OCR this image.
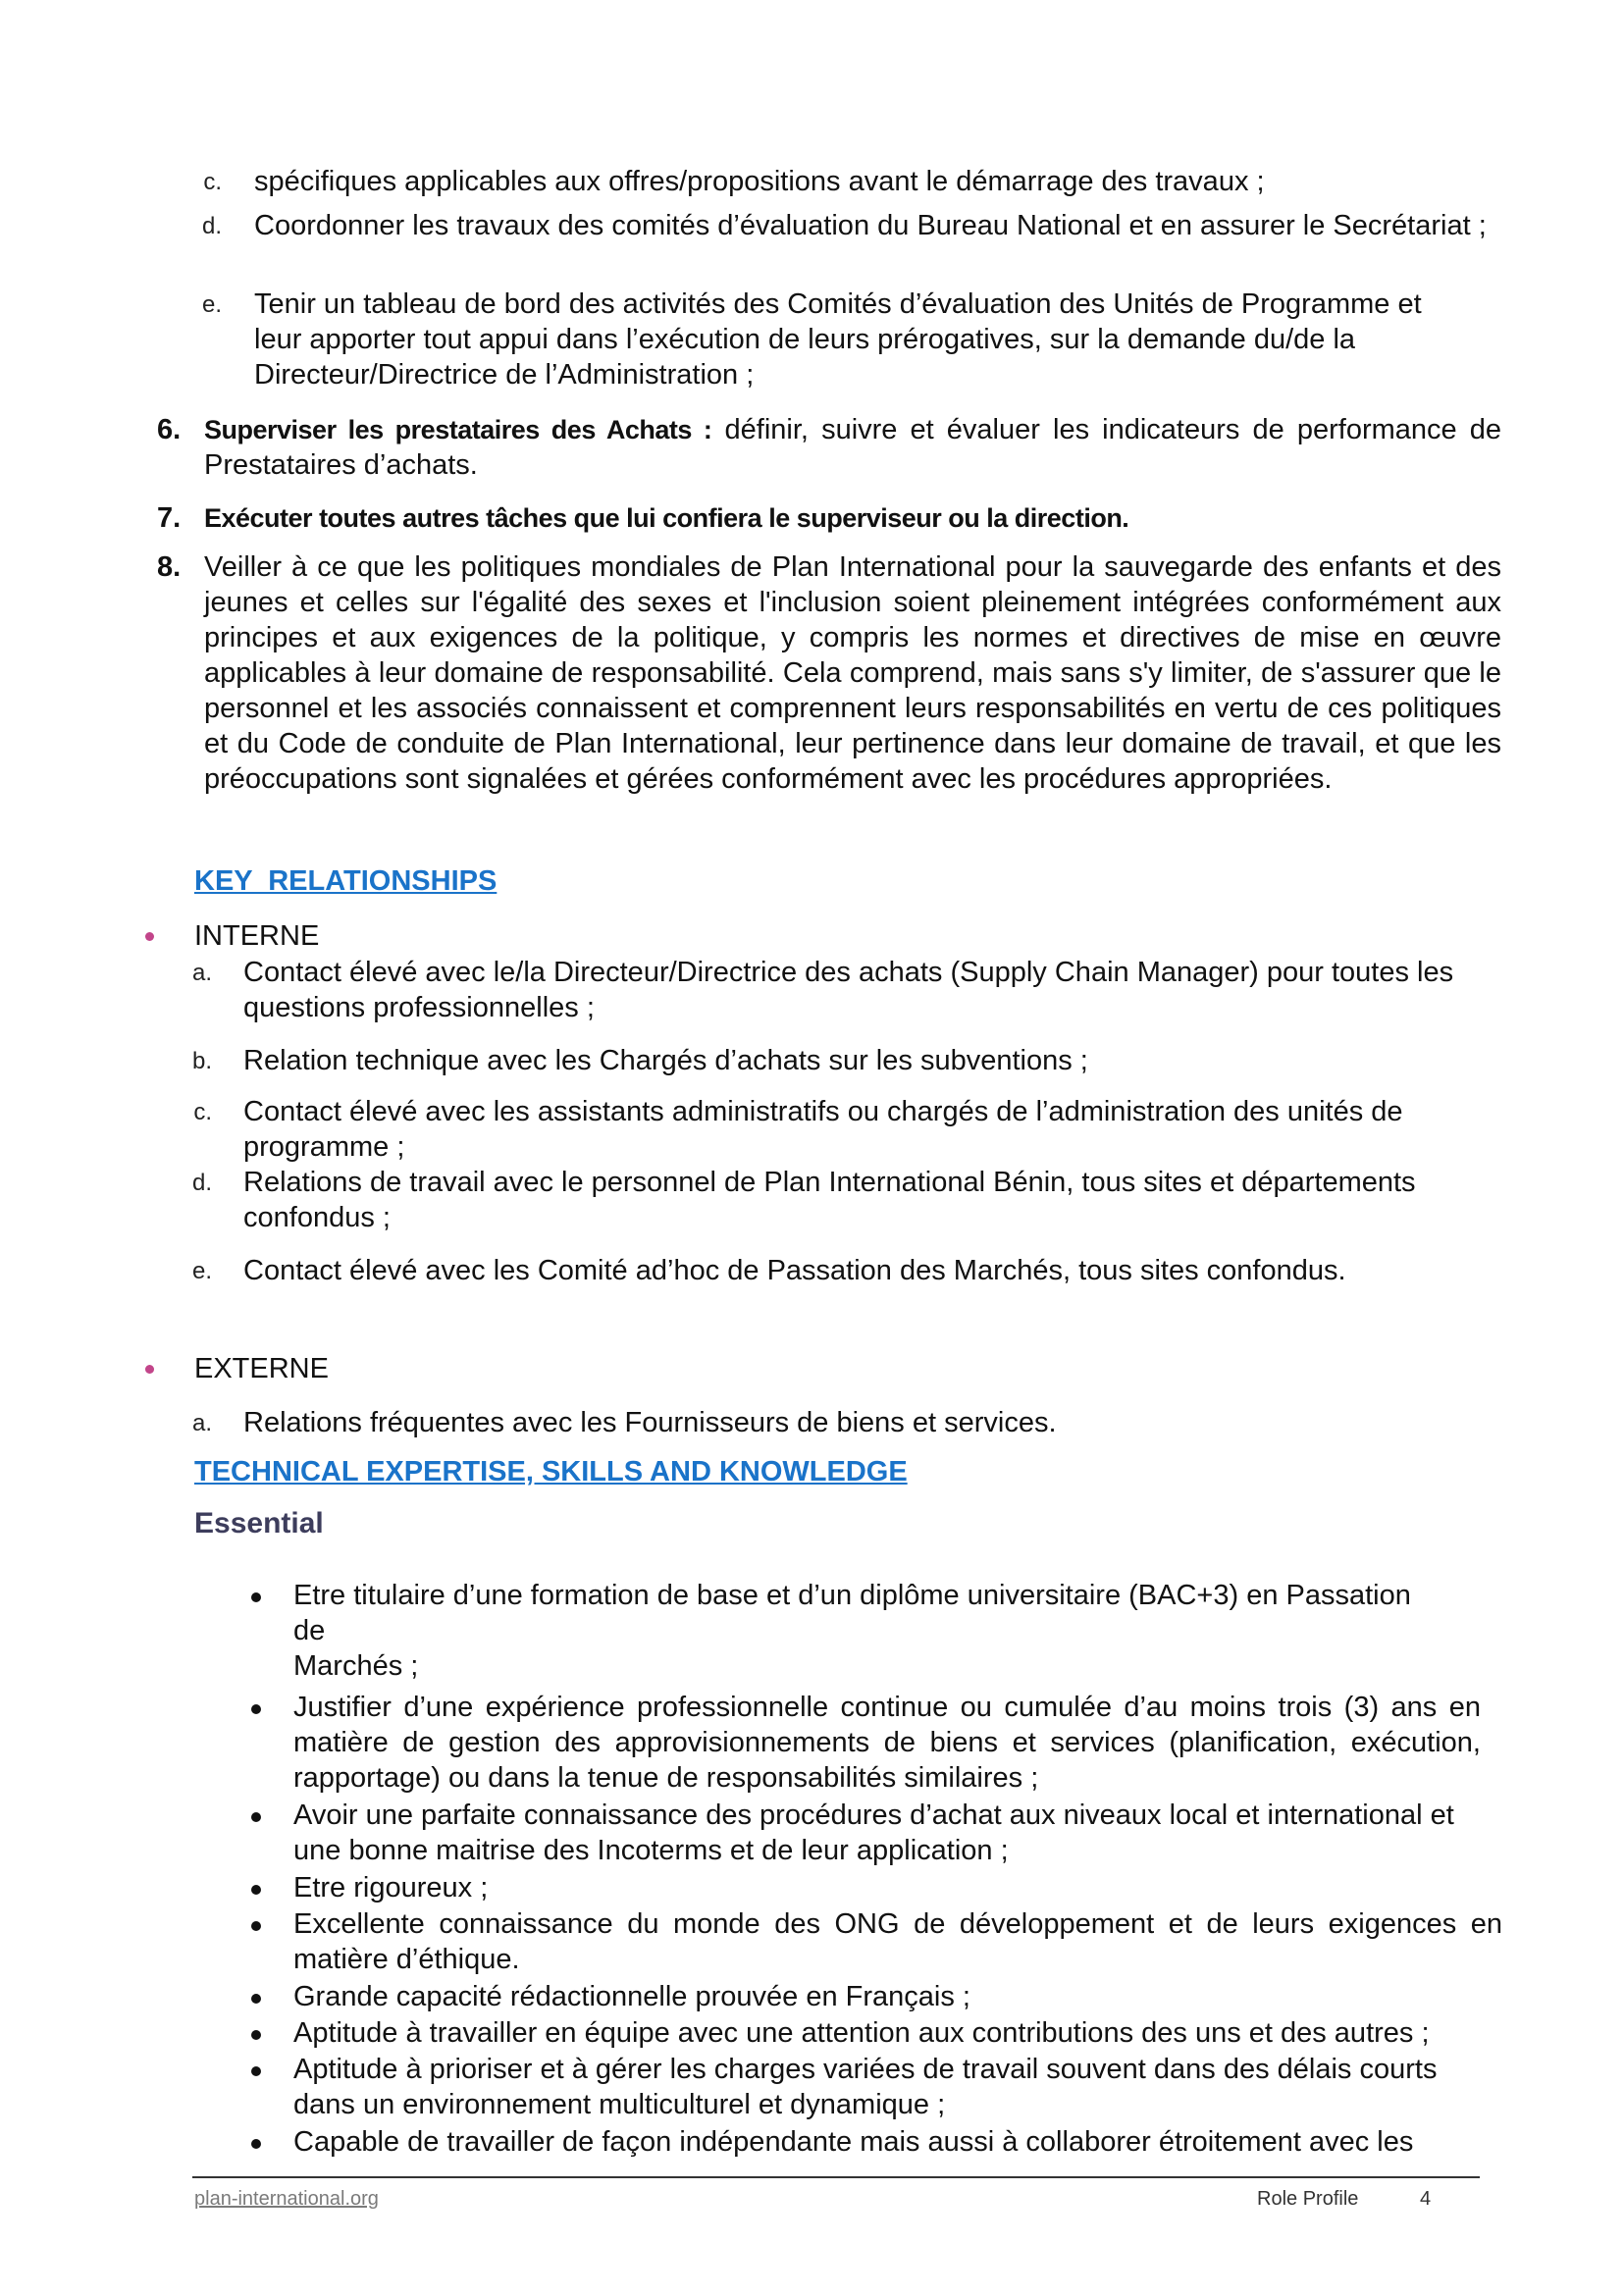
c. spécifiques applicables aux offres/propositions avant le démarrage des travaux ;
d. Coordonner les travaux des comités d’évaluation du Bureau National et en assurer le Secrétariat ;
e. Tenir un tableau de bord des activités des Comités d’évaluation des Unités de Programme et leur apporter tout appui dans l’exécution de leurs prérogatives, sur la demande du/de la Directeur/Directrice de l’Administration ;
6. Superviser les prestataires des Achats : définir, suivre et évaluer les indicateurs de performance de Prestataires d’achats.
7. Exécuter toutes autres tâches que lui confiera le superviseur ou la direction.
8. Veiller à ce que les politiques mondiales de Plan International pour la sauvegarde des enfants et des jeunes et celles sur l'égalité des sexes et l'inclusion soient pleinement intégrées conformément aux principes et aux exigences de la politique, y compris les normes et directives de mise en œuvre applicables à leur domaine de responsabilité. Cela comprend, mais sans s'y limiter, de s'assurer que le personnel et les associés connaissent et comprennent leurs responsabilités en vertu de ces politiques et du Code de conduite de Plan International, leur pertinence dans leur domaine de travail, et que les préoccupations sont signalées et gérées conformément avec les procédures appropriées.
KEY  RELATIONSHIPS
INTERNE
a. Contact élevé avec le/la Directeur/Directrice des achats (Supply Chain Manager) pour toutes les questions professionnelles ;
b. Relation technique avec les Chargés d’achats sur les subventions ;
c. Contact élevé avec les assistants administratifs ou chargés de l’administration des unités de programme ;
d. Relations de travail avec le personnel de Plan International Bénin, tous sites et départements confondus ;
e. Contact élevé avec les Comité ad’hoc de Passation des Marchés, tous sites confondus.
EXTERNE
a. Relations fréquentes avec les Fournisseurs de biens et services.
TECHNICAL EXPERTISE, SKILLS AND KNOWLEDGE
Essential
Etre titulaire d’une formation de base et d’un diplôme universitaire (BAC+3) en Passation
de
Marchés ;
Justifier d’une expérience professionnelle continue ou cumulée d’au moins trois (3) ans en matière de gestion des approvisionnements de biens et services (planification, exécution, rapportage) ou dans la tenue de responsabilités similaires ;
Avoir une parfaite connaissance des procédures d’achat aux niveaux local et international et une bonne maitrise des Incoterms et de leur application ;
Etre rigoureux ;
Excellente connaissance du monde des ONG de développement et de leurs exigences en matière d’éthique.
Grande capacité rédactionnelle prouvée en Français ;
Aptitude à travailler en équipe avec une attention aux contributions des uns et des autres ;
Aptitude à prioriser et à gérer les charges variées de travail souvent dans des délais courts dans un environnement multiculturel et dynamique ;
Capable de travailler de façon indépendante mais aussi à collaborer étroitement avec les
plan-international.org	Role Profile	4
